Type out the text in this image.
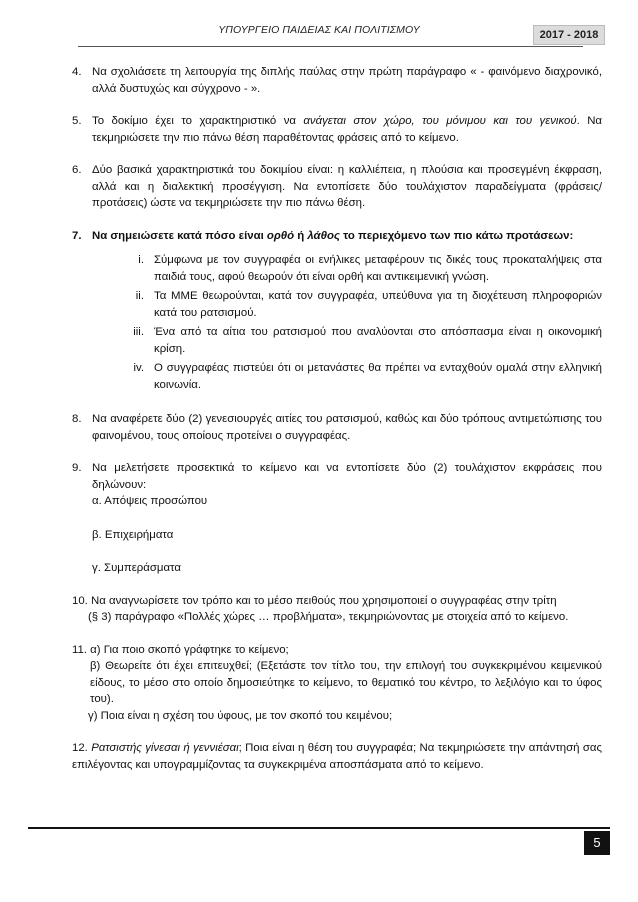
ΥΠΟΥΡΓΕΙΟ ΠΑΙΔΕΙΑΣ ΚΑΙ ΠΟΛΙΤΙΣΜΟΥ	2017 - 2018
4. Να σχολιάσετε τη λειτουργία της διπλής παύλας στην πρώτη παράγραφο « - φαινόμενο διαχρονικό, αλλά δυστυχώς και σύγχρονο - ».
5. Το δοκίμιο έχει το χαρακτηριστικό να ανάγεται στον χώρο, του μόνιμου και του γενικού. Να τεκμηριώσετε την πιο πάνω θέση παραθέτοντας φράσεις από το κείμενο.
6. Δύο βασικά χαρακτηριστικά του δοκιμίου είναι: η καλλιέπεια, η πλούσια και προσεγμένη έκφραση, αλλά και η διαλεκτική προσέγγιση. Να εντοπίσετε δύο τουλάχιστον παραδείγματα (φράσεις/ προτάσεις) ώστε να τεκμηριώσετε την πιο πάνω θέση.
7. Να σημειώσετε κατά πόσο είναι ορθό ή λάθος το περιεχόμενο των πιο κάτω προτάσεων:
i. Σύμφωνα με τον συγγραφέα οι ενήλικες μεταφέρουν τις δικές τους προκαταλήψεις στα παιδιά τους, αφού θεωρούν ότι είναι ορθή και αντικειμενική γνώση.
ii. Τα ΜΜΕ θεωρούνται, κατά τον συγγραφέα, υπεύθυνα για τη διοχέτευση πληροφοριών κατά του ρατσισμού.
iii. Ένα από τα αίτια του ρατσισμού που αναλύονται στο απόσπασμα είναι η οικονομική κρίση.
iv. Ο συγγραφέας πιστεύει ότι οι μετανάστες θα πρέπει να ενταχθούν ομαλά στην ελληνική κοινωνία.
8. Να αναφέρετε δύο (2) γενεσιουργές αιτίες του ρατσισμού, καθώς και δύο τρόπους αντιμετώπισης του φαινομένου, τους οποίους προτείνει ο συγγραφέας.
9. Να μελετήσετε προσεκτικά το κείμενο και να εντοπίσετε δύο (2) τουλάχιστον εκφράσεις που δηλώνουν:
α. Απόψεις προσώπου
β. Επιχειρήματα
γ. Συμπεράσματα
10. Να αναγνωρίσετε τον τρόπο και το μέσο πειθούς που χρησιμοποιεί ο συγγραφέας στην τρίτη
(§ 3) παράγραφο «Πολλές χώρες … προβλήματα», τεκμηριώνοντας με στοιχεία από το κείμενο.
11. α) Για ποιο σκοπό γράφτηκε το κείμενο;
β) Θεωρείτε ότι έχει επιτευχθεί; (Εξετάστε τον τίτλο του, την επιλογή του συγκεκριμένου κειμενικού είδους, το μέσο στο οποίο δημοσιεύτηκε το κείμενο, το θεματικό του κέντρο, το λεξιλόγιο και το ύφος του).
γ) Ποια είναι η σχέση του ύφους, με τον σκοπό του κειμένου;
12. Ρατσιστής γίνεσαι ή γεννιέσαι; Ποια είναι η θέση του συγγραφέα; Να τεκμηριώσετε την απάντησή σας επιλέγοντας και υπογραμμίζοντας τα συγκεκριμένα αποσπάσματα από το κείμενο.
5
